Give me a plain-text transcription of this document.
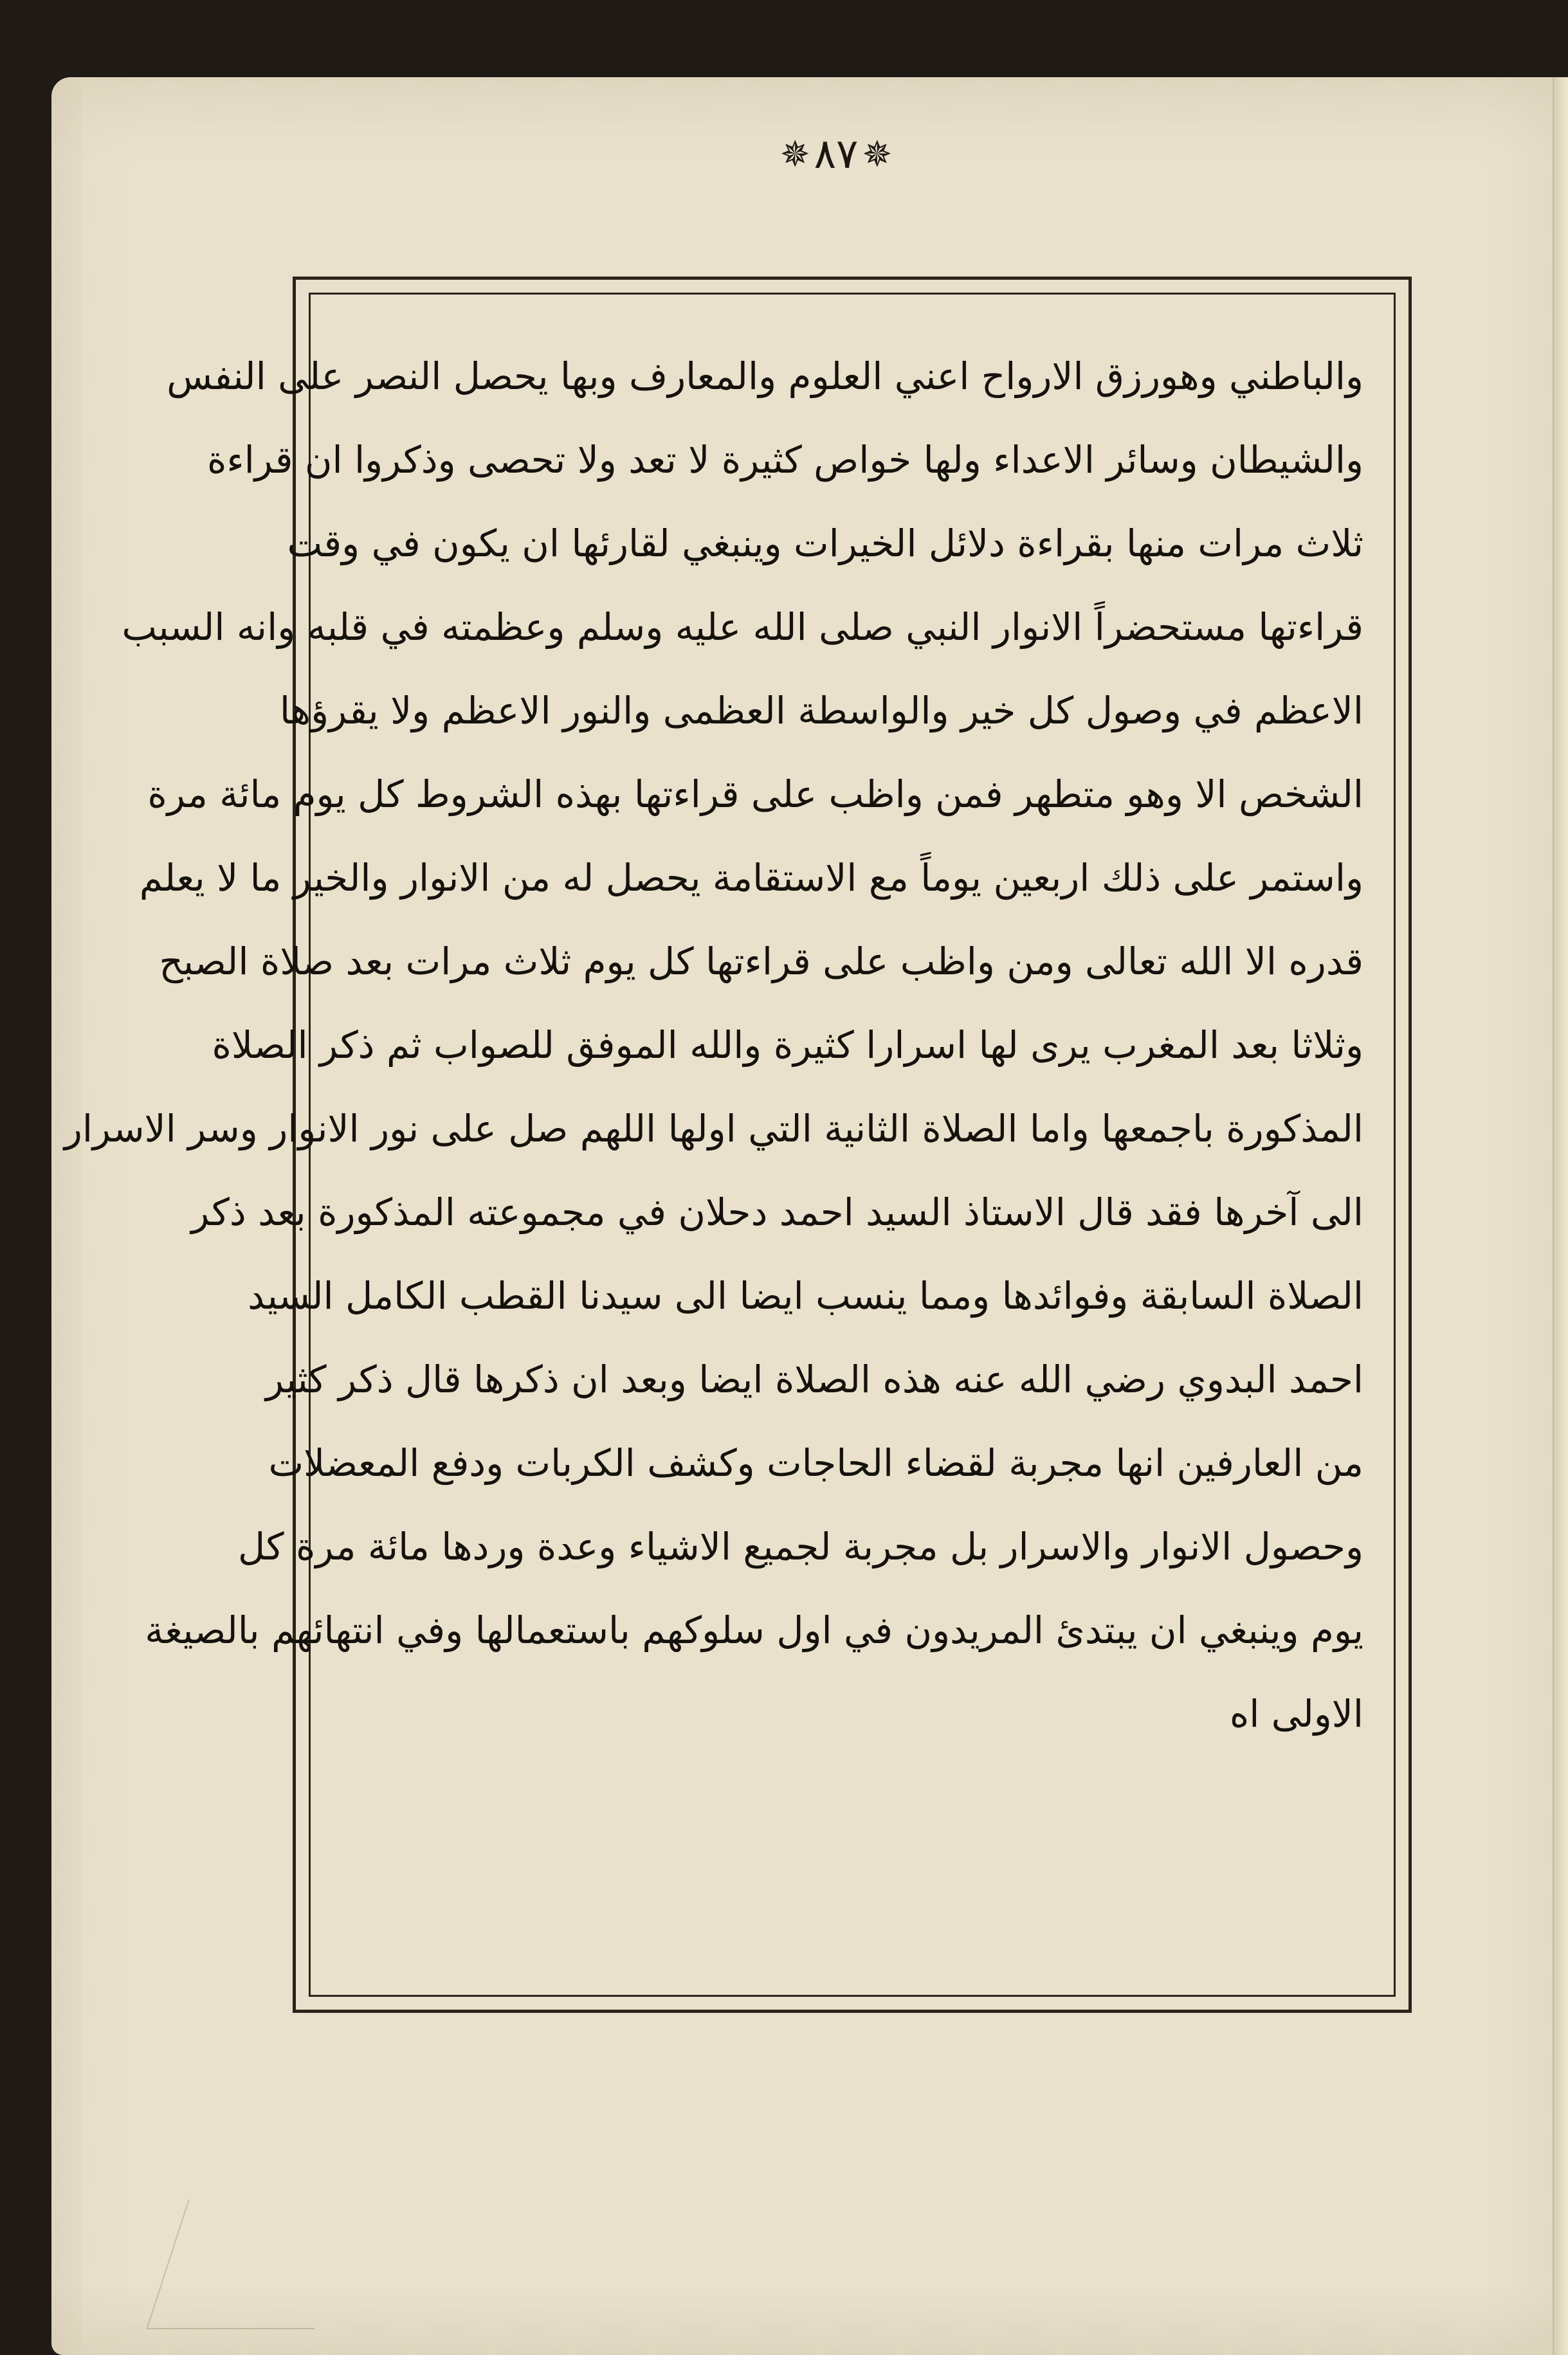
✵
٨٧
✵
والباطني وهورزق الارواح اعني العلوم والمعارف وبها يحصل النصر على النفس
والشيطان وسائر الاعداء ولها خواص كثيرة لا تعد ولا تحصى وذكروا ان قراءة
ثلاث مرات منها بقراءة دلائل الخيرات وينبغي لقارئها ان يكون في وقت
قراءتها مستحضراً الانوار النبي صلى الله عليه وسلم وعظمته في قلبه وانه السبب
الاعظم في وصول كل خير والواسطة العظمى والنور الاعظم ولا يقرؤها
الشخص الا وهو متطهر فمن واظب على قراءتها بهذه الشروط كل يوم مائة مرة
واستمر على ذلك اربعين يوماً مع الاستقامة يحصل له من الانوار والخير ما لا يعلم
قدره الا الله تعالى ومن واظب على قراءتها كل يوم ثلاث مرات بعد صلاة الصبح
وثلاثا بعد المغرب يرى لها اسرارا كثيرة والله الموفق للصواب ثم ذكر الصلاة
المذكورة باجمعها واما الصلاة الثانية التي اولها اللهم صل على نور الانوار وسر الاسرار
الى آخرها فقد قال الاستاذ السيد احمد دحلان في مجموعته المذكورة بعد ذكر
الصلاة السابقة وفوائدها ومما ينسب ايضا الى سيدنا القطب الكامل السيد
احمد البدوي رضي الله عنه هذه الصلاة ايضا وبعد ان ذكرها قال ذكر كثير
من العارفين انها مجربة لقضاء الحاجات وكشف الكربات ودفع المعضلات
وحصول الانوار والاسرار بل مجربة لجميع الاشياء وعدة وردها مائة مرة كل
يوم وينبغي ان يبتدئ المريدون في اول سلوكهم باستعمالها وفي انتهائهم بالصيغة
الاولى اه
